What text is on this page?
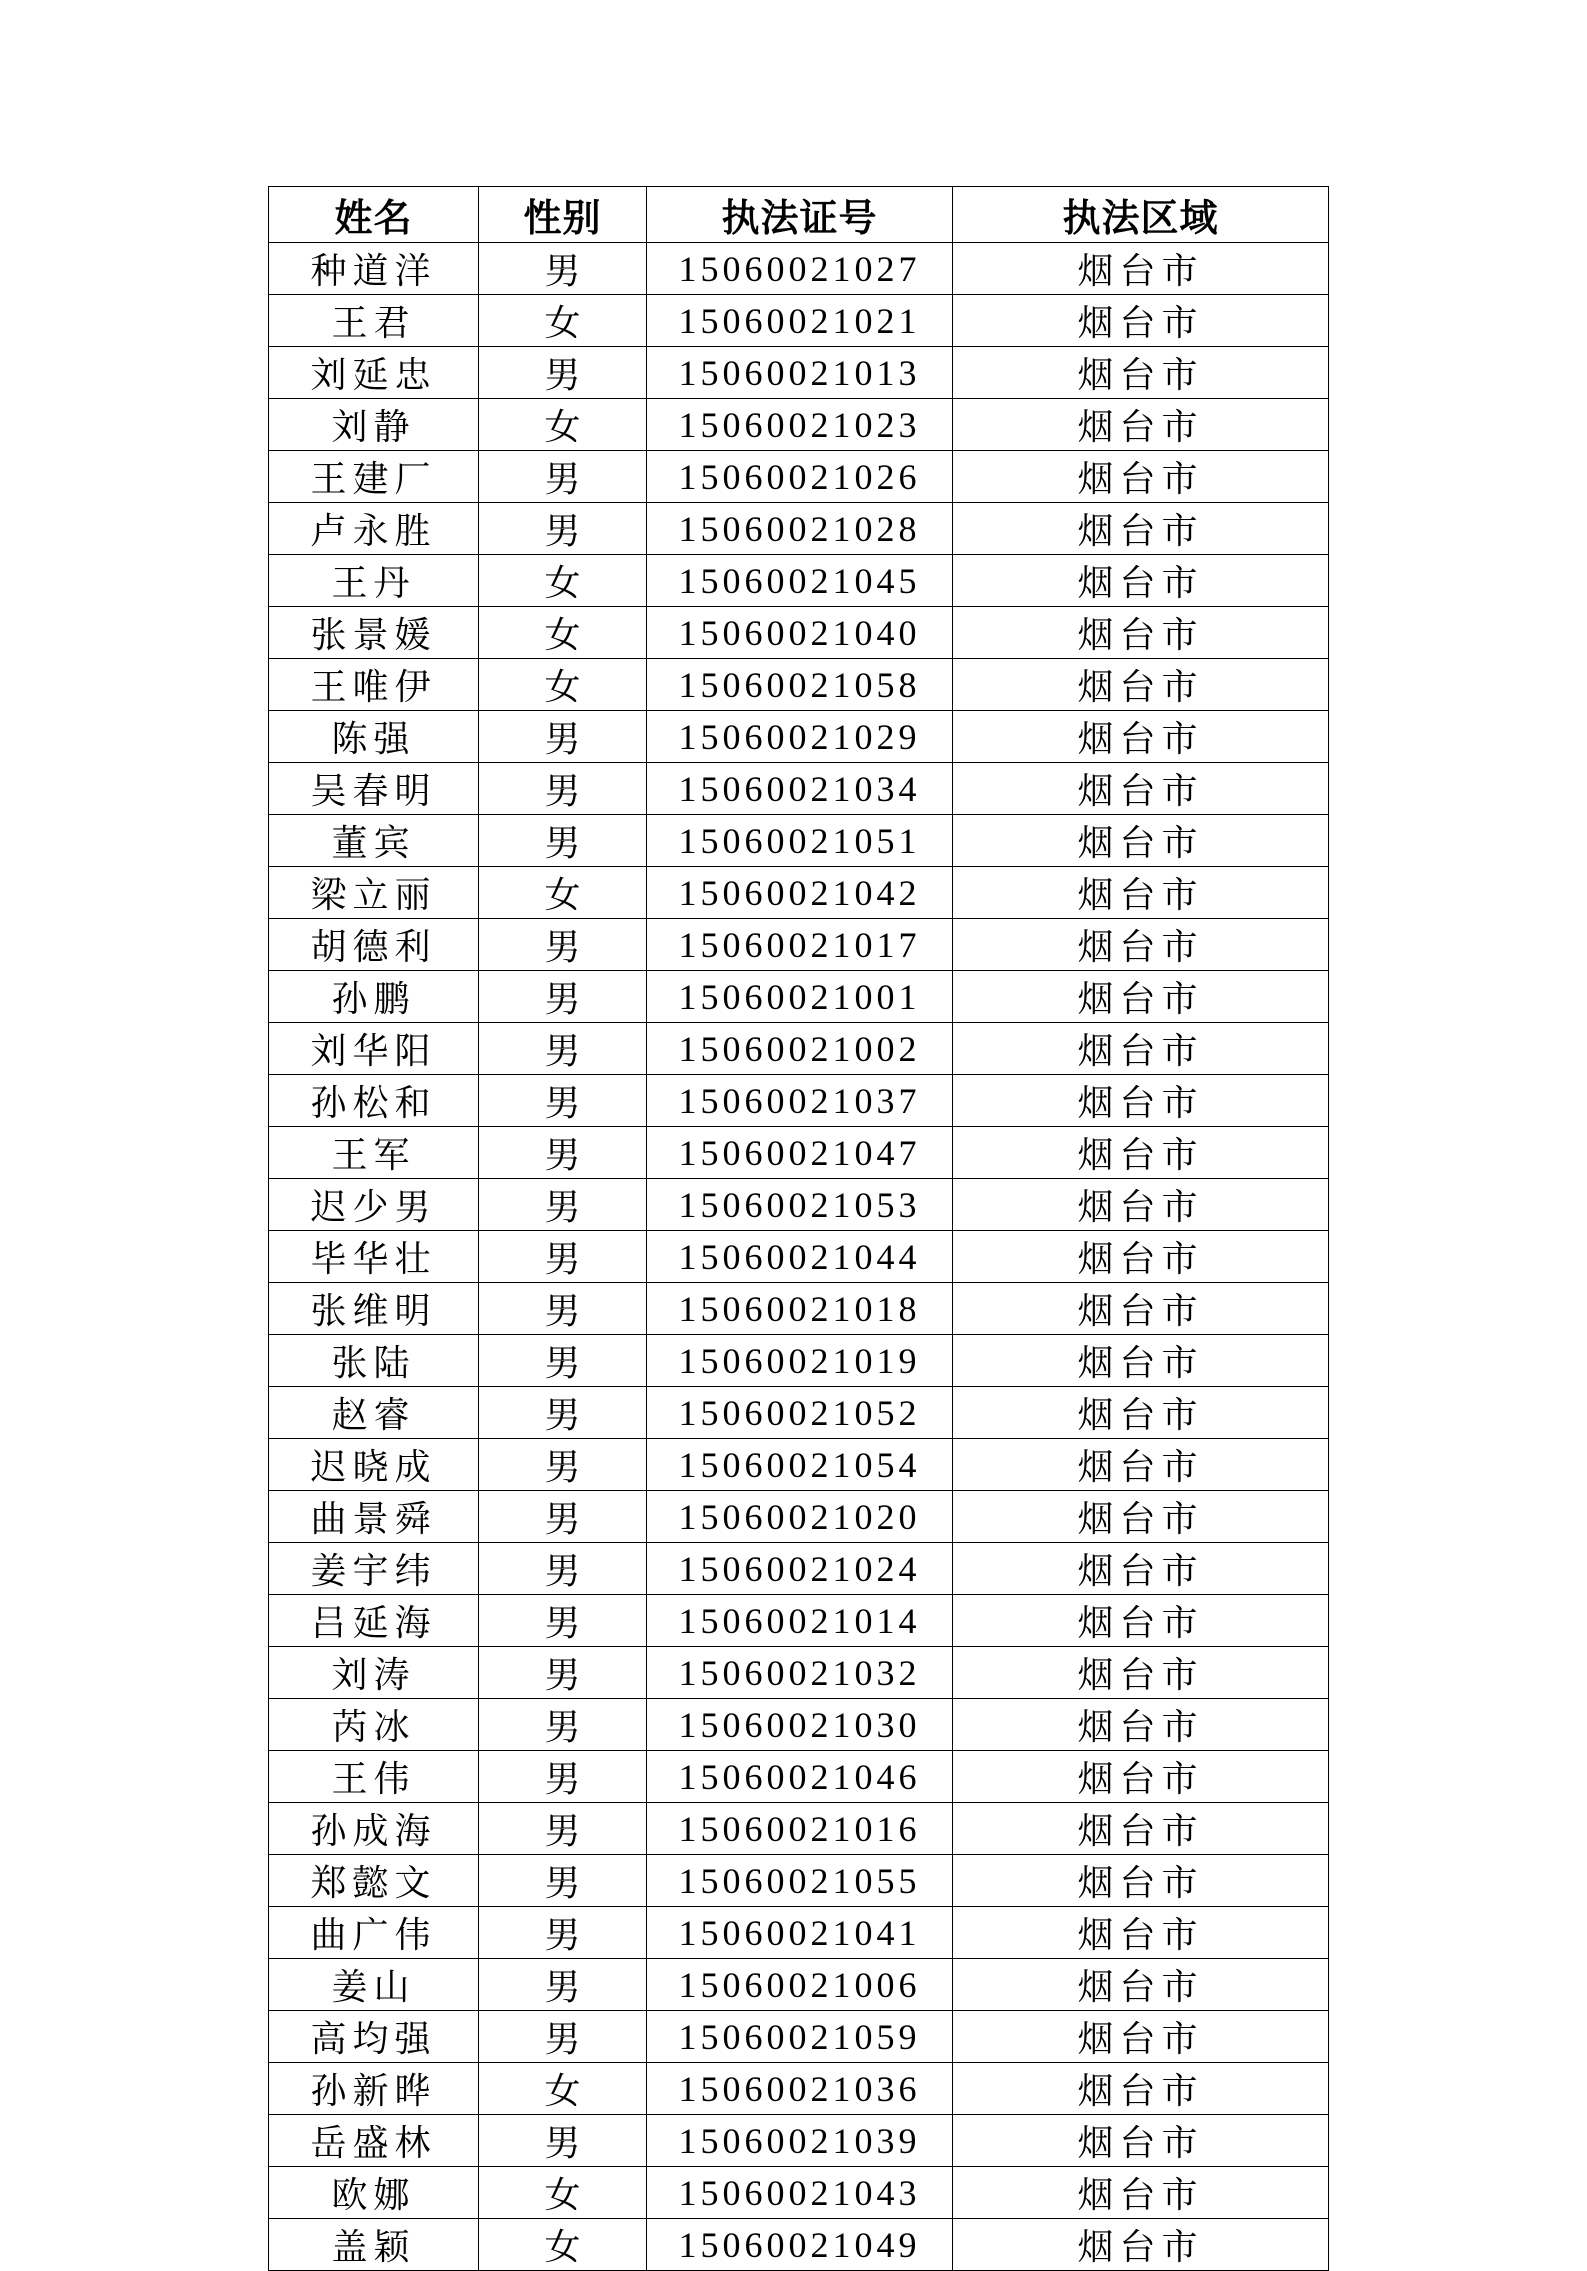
姓名	性别	执法证号	执法区域
种道洋	男	15060021027	烟台市
王君	女	15060021021	烟台市
刘延忠	男	15060021013	烟台市
刘静	女	15060021023	烟台市
王建厂	男	15060021026	烟台市
卢永胜	男	15060021028	烟台市
王丹	女	15060021045	烟台市
张景媛	女	15060021040	烟台市
王唯伊	女	15060021058	烟台市
陈强	男	15060021029	烟台市
吴春明	男	15060021034	烟台市
董宾	男	15060021051	烟台市
梁立丽	女	15060021042	烟台市
胡德利	男	15060021017	烟台市
孙鹏	男	15060021001	烟台市
刘华阳	男	15060021002	烟台市
孙松和	男	15060021037	烟台市
王军	男	15060021047	烟台市
迟少男	男	15060021053	烟台市
毕华壮	男	15060021044	烟台市
张维明	男	15060021018	烟台市
张陆	男	15060021019	烟台市
赵睿	男	15060021052	烟台市
迟晓成	男	15060021054	烟台市
曲景舜	男	15060021020	烟台市
姜宇纬	男	15060021024	烟台市
吕延海	男	15060021014	烟台市
刘涛	男	15060021032	烟台市
芮冰	男	15060021030	烟台市
王伟	男	15060021046	烟台市
孙成海	男	15060021016	烟台市
郑懿文	男	15060021055	烟台市
曲广伟	男	15060021041	烟台市
姜山	男	15060021006	烟台市
高均强	男	15060021059	烟台市
孙新晔	女	15060021036	烟台市
岳盛林	男	15060021039	烟台市
欧娜	女	15060021043	烟台市
盖颖	女	15060021049	烟台市
